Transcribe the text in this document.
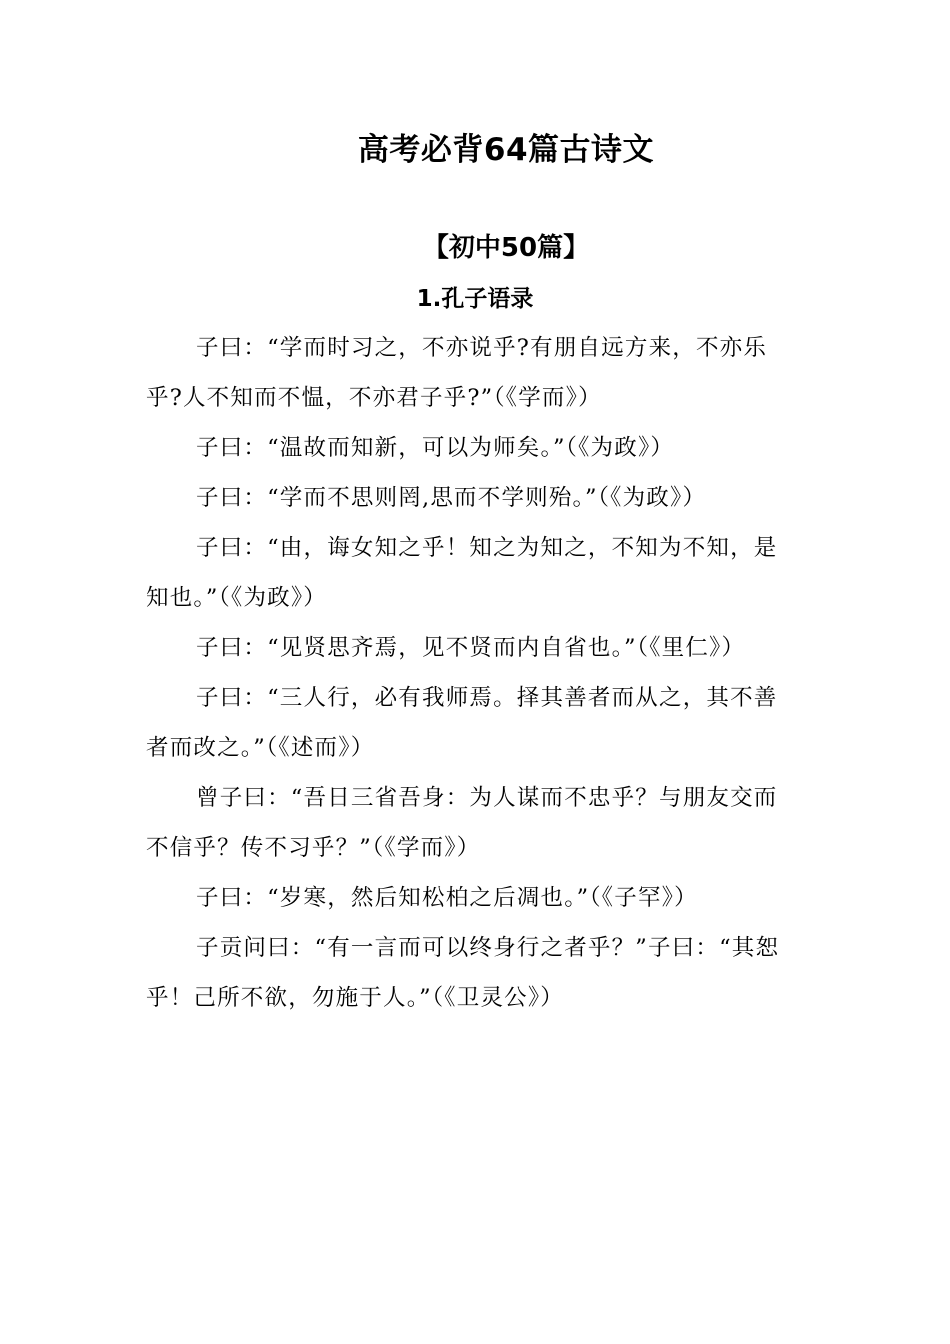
高考必背64篇古诗文
【初中50篇】
1.孔子语录

子曰：“学而时习之，不亦说乎?有朋自远方来，不亦乐乎?人不知而不愠，不亦君子乎?”（《学而》）

子曰：“温故而知新，可以为师矣。”（《为政》）

子曰：“学而不思则罔,思而不学则殆。”（《为政》）

子曰：“由，诲女知之乎！知之为知之，不知为不知，是知也。”（《为政》）

子曰：“见贤思齐焉，见不贤而内自省也。”（《里仁》）

子曰：“三人行，必有我师焉。择其善者而从之，其不善者而改之。”（《述而》）

曾子曰：“吾日三省吾身：为人谋而不忠乎？与朋友交而不信乎？传不习乎？”（《学而》）

子曰：“岁寒，然后知松柏之后凋也。”（《子罕》）

子贡问曰：“有一言而可以终身行之者乎？”子曰：“其恕乎！己所不欲，勿施于人。”（《卫灵公》）
